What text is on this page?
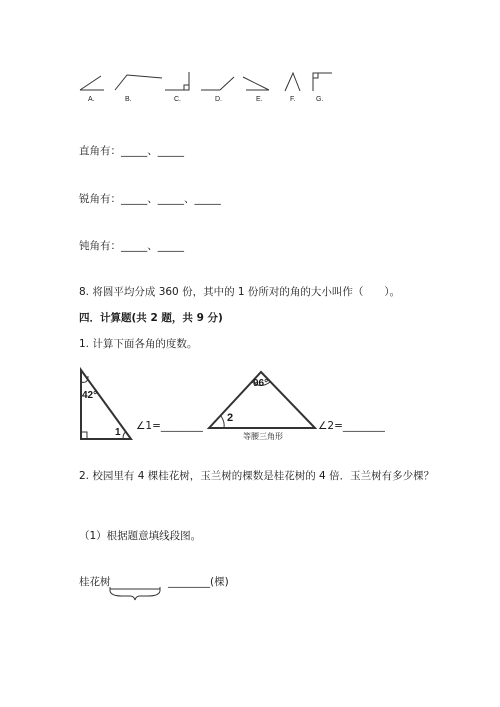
A.	B.	C.	D.	E.	F.	G.
直角有：_____、_____
锐角有：_____、_____、_____
钝角有：_____、_____
8. 将圆平均分成 360 份，其中的 1 份所对的角的大小叫作（　　）。
四．计算题(共 2 题，共 9 分)
1. 计算下面各角的度数。
42°
1
∠1=________
96°
2
等腰三角形
∠2=________
2. 校园里有 4 棵桂花树，玉兰树的棵数是桂花树的 4 倍．玉兰树有多少棵？
（1）根据题意填线段图。
桂花树	________(棵)
